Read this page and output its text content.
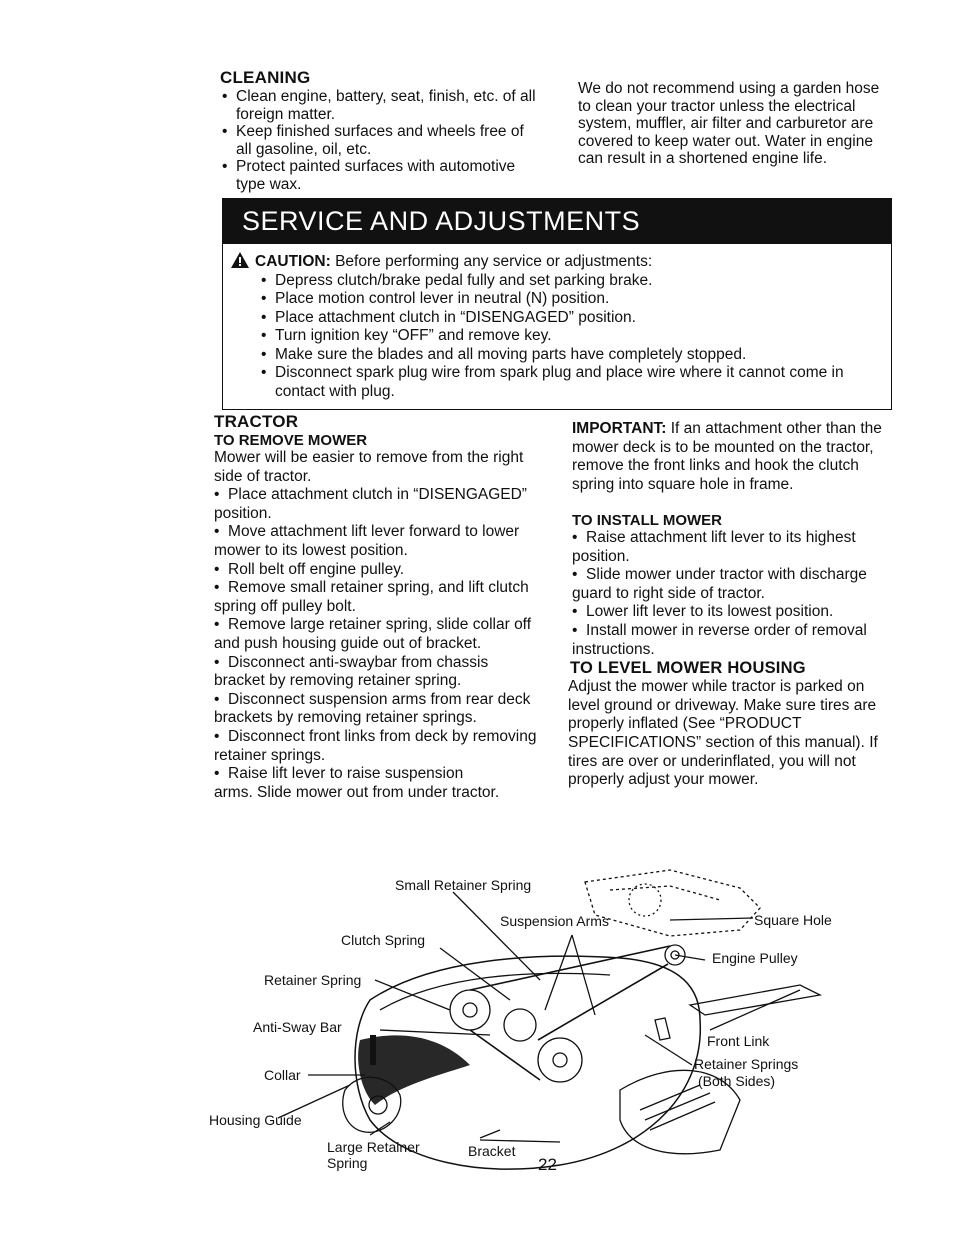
CLEANING
• Clean engine, battery, seat, finish, etc. of all foreign matter.
• Keep finished surfaces and wheels free of all gasoline, oil, etc.
• Protect painted surfaces with automotive type wax.

We do not recommend using a garden hose to clean your tractor unless the electrical system, muffler, air filter and carburetor are covered to keep water out. Water in engine can result in a shortened engine life.

SERVICE AND ADJUSTMENTS

CAUTION: Before performing any service or adjustments:

• Depress clutch/brake pedal fully and set parking brake.
• Place motion control lever in neutral (N) position.
• Place attachment clutch in “DISENGAGED” position.
• Turn ignition key “OFF” and remove key.
• Make sure the blades and all moving parts have completely stopped.
• Disconnect spark plug wire from spark plug and place wire where it cannot come in contact with plug.
TRACTOR
TO REMOVE MOWER

Mower will be easier to remove from the right side of tractor.

•  Place attachment clutch in “DISENGAGED” position.
•  Move attachment lift lever forward to lower mower to its lowest position.
•  Roll belt off engine pulley.
•  Remove small retainer spring, and lift clutch spring off pulley bolt.
•  Remove large retainer spring, slide collar off and push housing guide out of bracket.
•  Disconnect anti-swaybar from chassis bracket by removing retainer spring.
•  Disconnect suspension arms from rear deck brackets by removing retainer springs.
•  Disconnect front links from deck by removing retainer springs.
•  Raise lift lever to raise suspension arms. Slide mower out from under tractor.

IMPORTANT: If an attachment other than the mower deck is to be mounted on the tractor, remove the front links and hook the clutch spring into square hole in frame.

TO INSTALL MOWER
•  Raise attachment lift lever to its highest position.
•  Slide mower under tractor with discharge guard to right side of tractor.
•  Lower lift lever to its lowest position.
•  Install mower in reverse order of removal instructions.
TO LEVEL MOWER HOUSING

Adjust the mower while tractor is parked on level ground or driveway. Make sure tires are properly inflated (See “PRODUCT SPECIFICATIONS” section of this manual). If tires are over or underinflated, you will not properly adjust your mower.

Small Retainer Spring
Suspension Arms	Square Hole
Clutch Spring
Engine Pulley
Retainer Spring
Anti-Sway Bar
Front Link
Retainer Springs
(Both Sides)
Collar
Housing Guide
Large Retainer
Spring
Bracket
22
